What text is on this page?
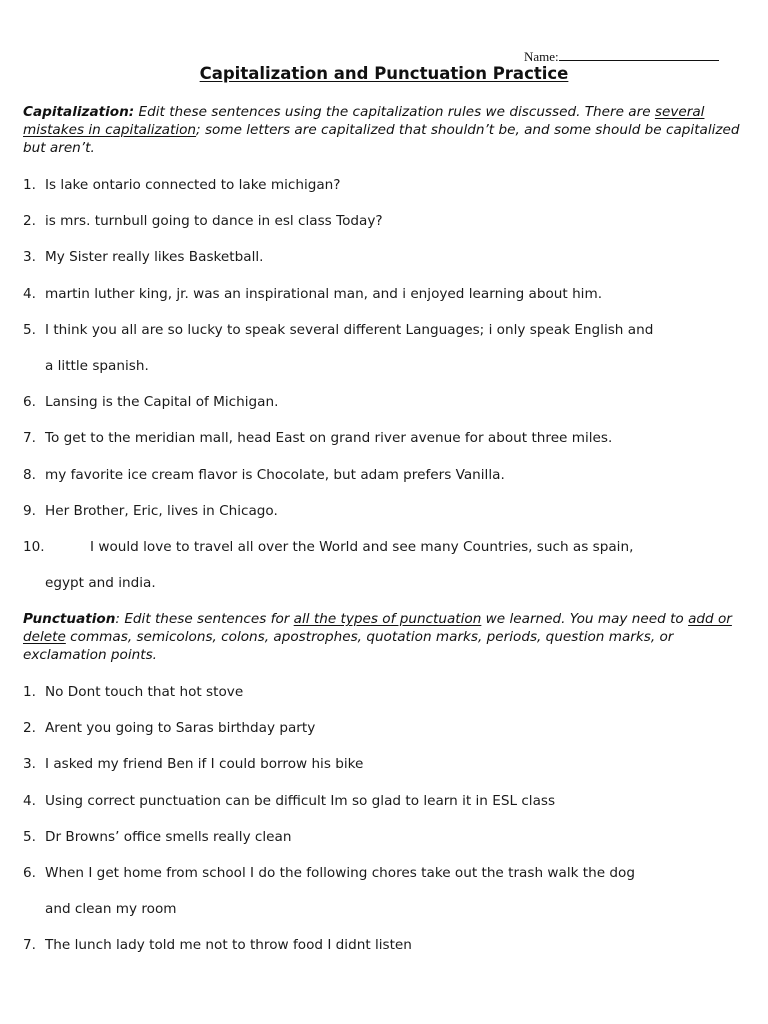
Name:
Capitalization and Punctuation Practice
Capitalization: Edit these sentences using the capitalization rules we discussed. There are several mistakes in capitalization; some letters are capitalized that shouldn’t be, and some should be capitalized but aren’t.
1. Is lake ontario connected to lake michigan?
2. is mrs. turnbull going to dance in esl class Today?
3. My Sister really likes Basketball.
4. martin luther king, jr. was an inspirational man, and i enjoyed learning about him.
5. I think you all are so lucky to speak several different Languages; i only speak English and
a little spanish.
6. Lansing is the Capital of Michigan.
7. To get to the meridian mall, head East on grand river avenue for about three miles.
8. my favorite ice cream flavor is Chocolate, but adam prefers Vanilla.
9. Her Brother, Eric, lives in Chicago.
10.	I would love to travel all over the World and see many Countries, such as spain,
egypt and india.
Punctuation: Edit these sentences for all the types of punctuation we learned. You may need to add or delete commas, semicolons, colons, apostrophes, quotation marks, periods, question marks, or exclamation points.
1. No Dont touch that hot stove
2. Arent you going to Saras birthday party
3. I asked my friend Ben if I could borrow his bike
4. Using correct punctuation can be difficult Im so glad to learn it in ESL class
5. Dr Browns’ office smells really clean
6. When I get home from school I do the following chores take out the trash walk the dog
and clean my room
7. The lunch lady told me not to throw food I didnt listen
